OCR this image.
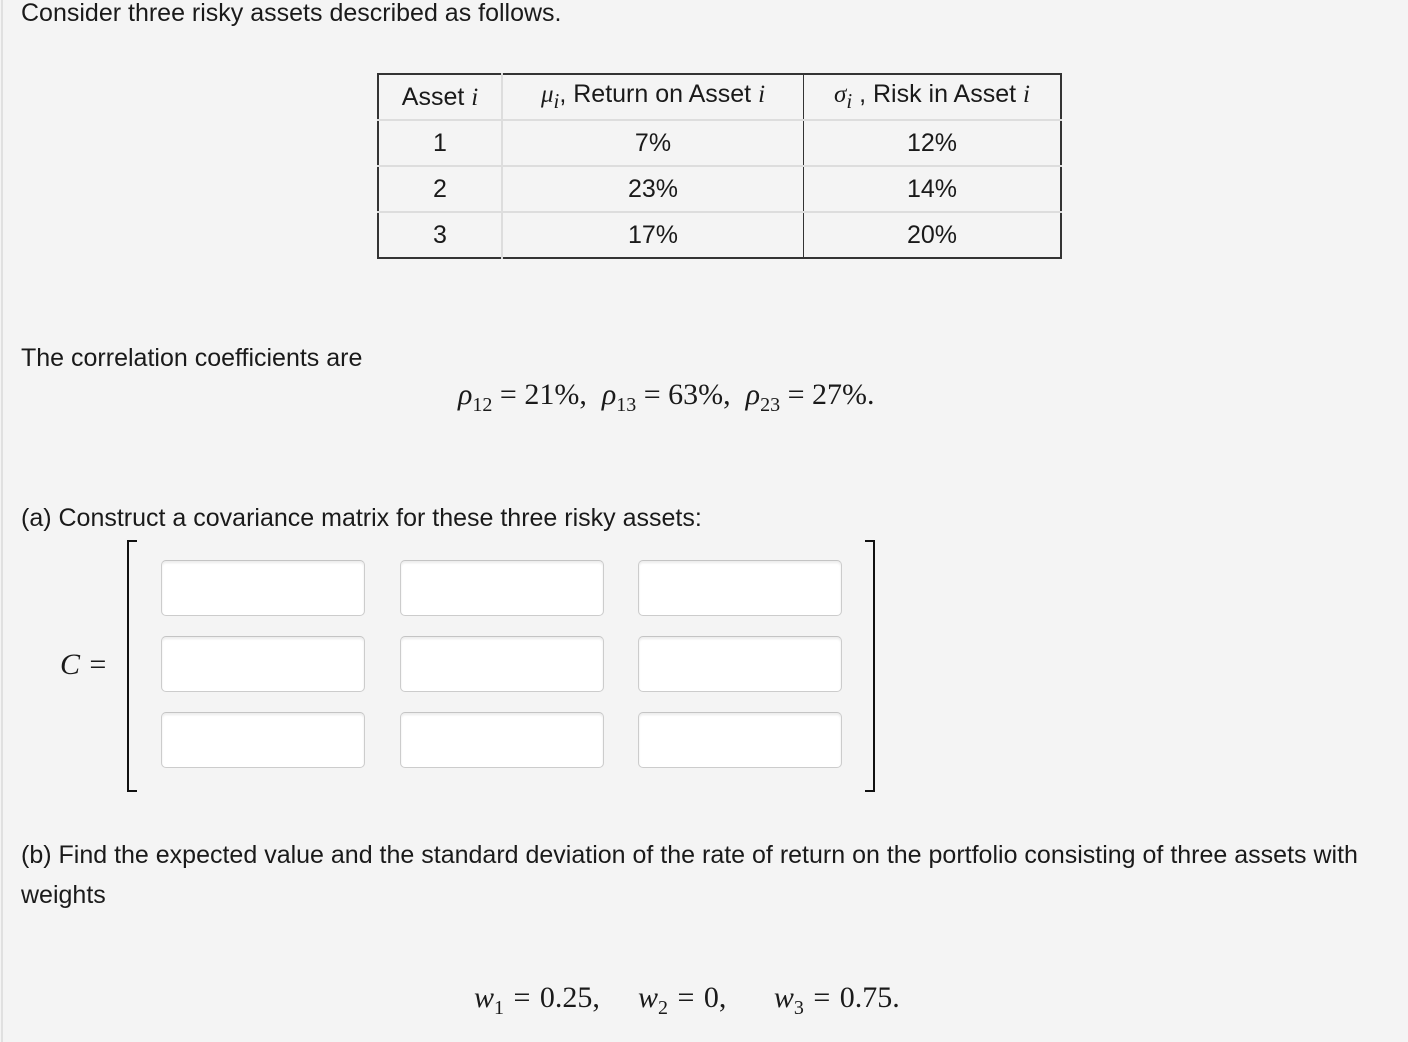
Consider three risky assets described as follows.
Asset i	$\mu_i$, Return on Asset i	$\sigma_i$ , Risk in Asset i
1	7%	12%
2	23%	14%
3	17%	20%
The correlation coefficients are
$\rho_{12} = 21\%$, $\rho_{13} = 63\%$, $\rho_{23} = 27\%$.
(a) Construct a covariance matrix for these three risky assets:
C =
(b) Find the expected value and the standard deviation of the rate of return on the portfolio consisting of three assets with weights
$w_1 = 0.25$, $w_2 = 0$, $w_3 = 0.75$.
